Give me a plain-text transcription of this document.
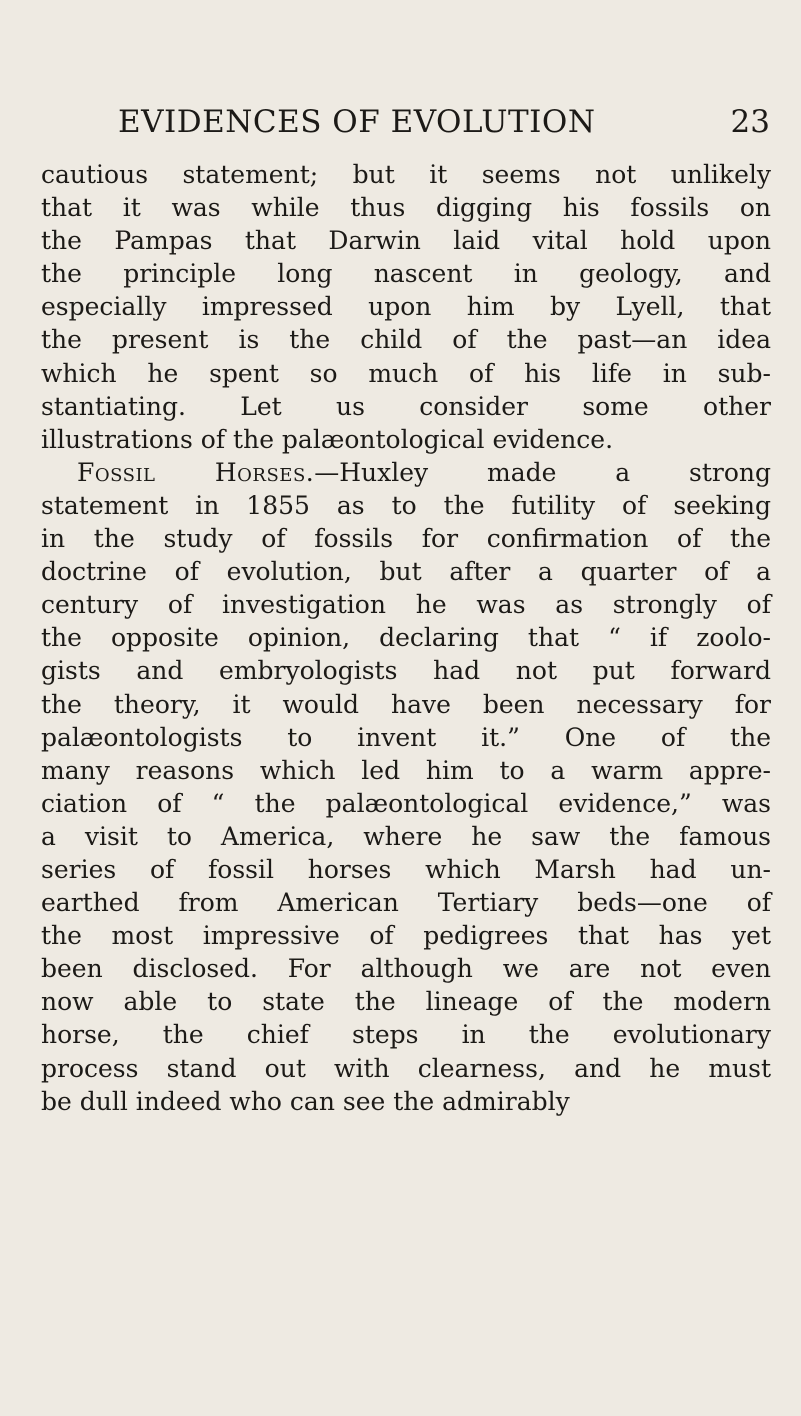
EVIDENCES OF EVOLUTION	23
cautious statement; but it seems not unlikely
that it was while thus digging his fossils on
the Pampas that Darwin laid vital hold upon
the principle long nascent in geology, and
especially impressed upon him by Lyell, that
the present is the child of the past—an idea
which he spent so much of his life in sub-
stantiating. Let us consider some other
illustrations of the palæontological evidence.
Fossil Horses.—Huxley made a strong
statement in 1855 as to the futility of seeking
in the study of fossils for confirmation of the
doctrine of evolution, but after a quarter of a
century of investigation he was as strongly of
the opposite opinion, declaring that “ if zoolo-
gists and embryologists had not put forward
the theory, it would have been necessary for
palæontologists to invent it.” One of the
many reasons which led him to a warm appre-
ciation of “ the palæontological evidence,” was
a visit to America, where he saw the famous
series of fossil horses which Marsh had un-
earthed from American Tertiary beds—one of
the most impressive of pedigrees that has yet
been disclosed. For although we are not even
now able to state the lineage of the modern
horse, the chief steps in the evolutionary
process stand out with clearness, and he must
be dull indeed who can see the admirably
